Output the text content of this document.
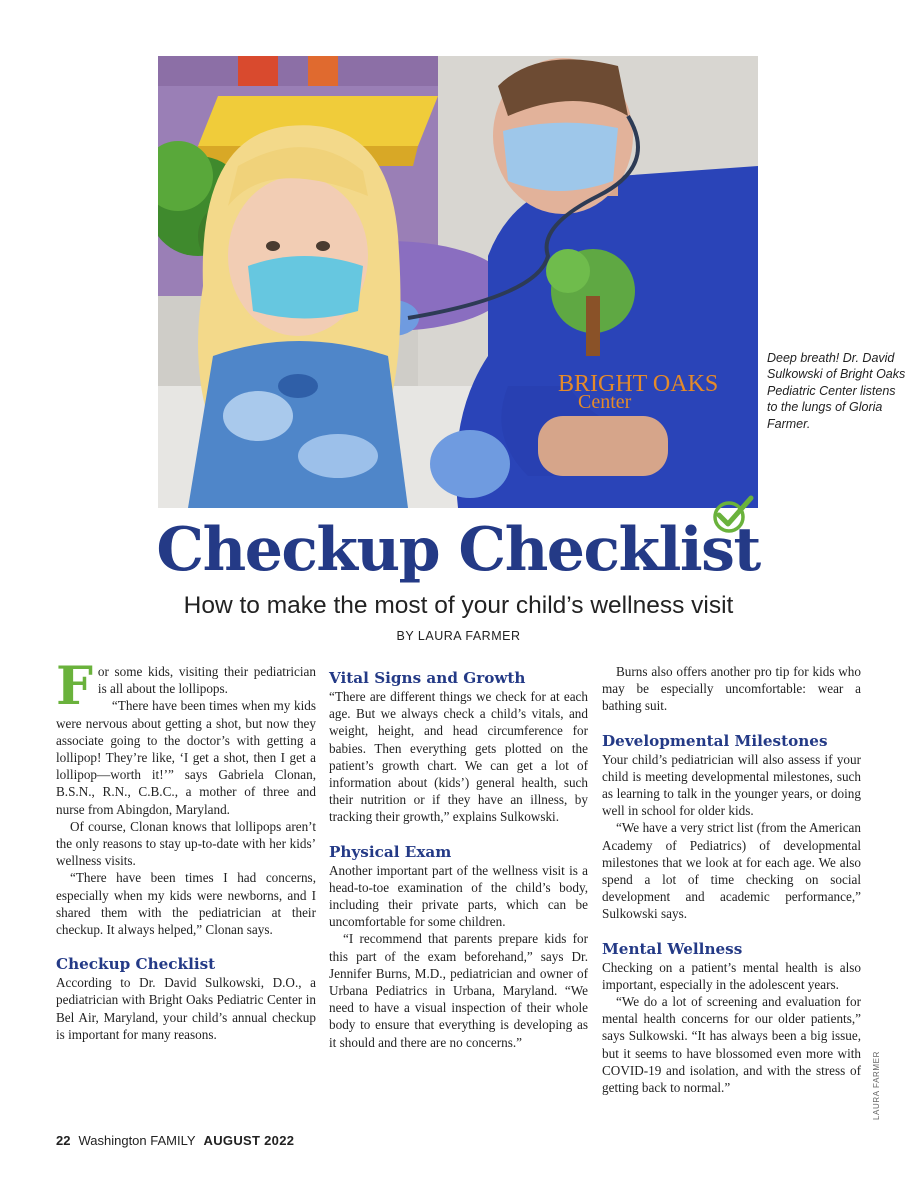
BRIGHT OAKS
Center
Deep breath! Dr. David Sulkowski of Bright Oaks Pediatric Center listens to the lungs of Gloria Farmer.
Checkup Checklist
How to make the most of your child’s wellness visit
BY LAURA FARMER

For some kids, visiting their pediatrician is all about the lollipops.

“There have been times when my kids were nervous about getting a shot, but now they associate going to the doctor’s with getting a lollipop! They’re like, ‘I get a shot, then I get a lollipop—worth it!’” says Gabriela Clonan, B.S.N., R.N., C.B.C., a mother of three and nurse from Abingdon, Maryland.

Of course, Clonan knows that lollipops aren’t the only reasons to stay up-to-date with her kids’ wellness visits.

“There have been times I had concerns, especially when my kids were newborns, and I shared them with the pediatrician at their checkup. It always helped,” Clonan says.

Checkup Checklist

According to Dr. David Sulkowski, D.O., a pediatrician with Bright Oaks Pediatric Center in Bel Air, Maryland, your child’s annual checkup is important for many reasons.

Vital Signs and Growth

“There are different things we check for at each age. But we always check a child’s vitals, and weight, height, and head circumference for babies. Then everything gets plotted on the patient’s growth chart. We can get a lot of information about (kids’) general health, such their nutrition or if they have an illness, by tracking their growth,” explains Sulkowski.

Physical Exam

Another important part of the wellness visit is a head-to-toe examination of the child’s body, including their private parts, which can be uncomfortable for some children.

“I recommend that parents prepare kids for this part of the exam beforehand,” says Dr. Jennifer Burns, M.D., pediatrician and owner of Urbana Pediatrics in Urbana, Maryland. “We need to have a visual inspection of their whole body to ensure that everything is developing as it should and there are no concerns.”

Burns also offers another pro tip for kids who may be especially uncomfortable: wear a bathing suit.

Developmental Milestones

Your child’s pediatrician will also assess if your child is meeting developmental milestones, such as learning to talk in the younger years, or doing well in school for older kids.

“We have a very strict list (from the American Academy of Pediatrics) of developmental milestones that we look at for each age. We also spend a lot of time checking on social development and academic performance,” Sulkowski says.

Mental Wellness

Checking on a patient’s mental health is also important, especially in the adolescent years.

“We do a lot of screening and evaluation for mental health concerns for our older patients,” says Sulkowski. “It has always been a big issue, but it seems to have blossomed even more with COVID-19 and isolation, and with the stress of getting back to normal.”	LAURA FARMER
22 Washington FAMILY AUGUST 2022
